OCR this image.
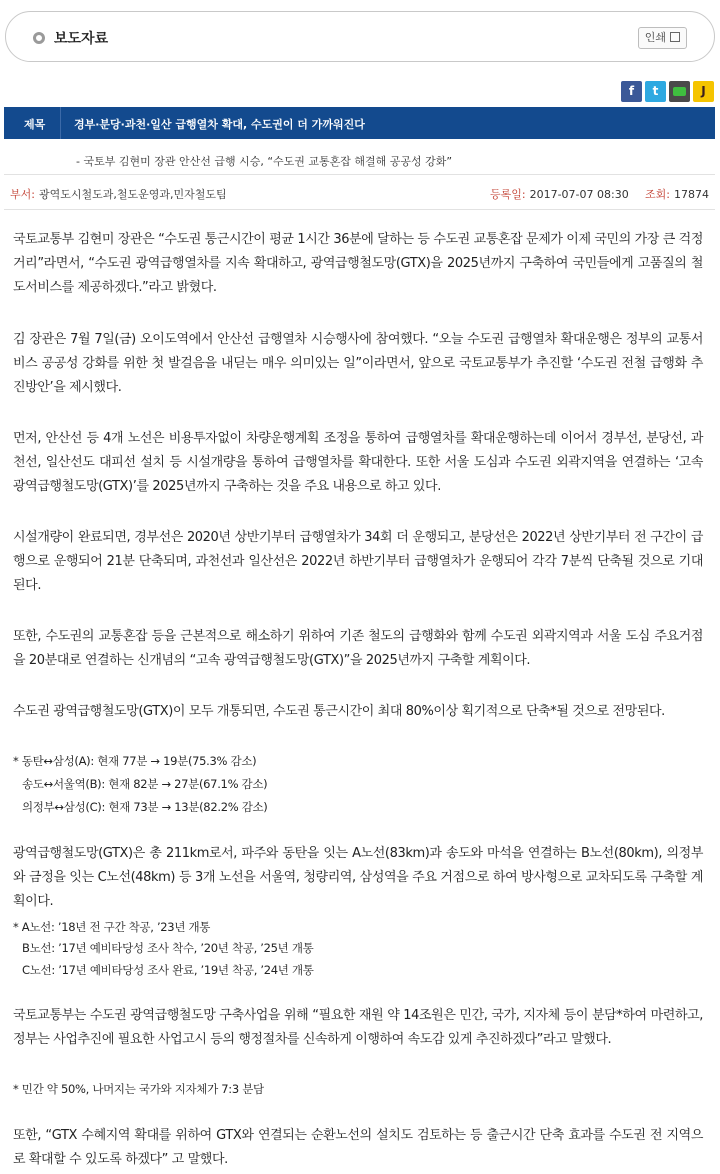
보도자료	인쇄
f	t	J
제목	경부·분당·과천·일산 급행열차 확대, 수도권이 더 가까워진다
- 국토부 김현미 장관 안산선 급행 시승, “수도권 교통혼잡 해결해 공공성 강화”
부서: 광역도시철도과,철도운영과,민자철도팀	등록일: 2017-07-07 08:30 조회: 17874
국토교통부 김현미 장관은 “수도권 통근시간이 평균 1시간 36분에 달하는 등 수도권 교통혼잡 문제가 이제 국민의 가장 큰 걱정거리”라면서, “수도권 광역급행열차를 지속 확대하고, 광역급행철도망(GTX)을 2025년까지 구축하여 국민들에게 고품질의 철도서비스를 제공하겠다.”라고 밝혔다.
김 장관은 7월 7일(금) 오이도역에서 안산선 급행열차 시승행사에 참여했다. “오늘 수도권 급행열차 확대운행은 정부의 교통서비스 공공성 강화를 위한 첫 발걸음을 내딛는 매우 의미있는 일”이라면서, 앞으로 국토교통부가 추진할 ‘수도권 전철 급행화 추진방안’을 제시했다.
먼저, 안산선 등 4개 노선은 비용투자없이 차량운행계획 조정을 통하여 급행열차를 확대운행하는데 이어서 경부선, 분당선, 과천선, 일산선도 대피선 설치 등 시설개량을 통하여 급행열차를 확대한다. 또한 서울 도심과 수도권 외곽지역을 연결하는 ‘고속 광역급행철도망(GTX)’를 2025년까지 구축하는 것을 주요 내용으로 하고 있다.
시설개량이 완료되면, 경부선은 2020년 상반기부터 급행열차가 34회 더 운행되고, 분당선은 2022년 상반기부터 전 구간이 급행으로 운행되어 21분 단축되며, 과천선과 일산선은 2022년 하반기부터 급행열차가 운행되어 각각 7분씩 단축될 것으로 기대된다.
또한, 수도권의 교통혼잡 등을 근본적으로 해소하기 위하여 기존 철도의 급행화와 함께 수도권 외곽지역과 서울 도심 주요거점을 20분대로 연결하는 신개념의 “고속 광역급행철도망(GTX)”을 2025년까지 구축할 계획이다.
수도권 광역급행철도망(GTX)이 모두 개통되면, 수도권 통근시간이 최대 80%이상 획기적으로 단축*될 것으로 전망된다.
* 동탄↔삼성(A): 현재 77분 → 19분(75.3% 감소)
송도↔서울역(B): 현재 82분 → 27분(67.1% 감소)
의정부↔삼성(C): 현재 73분 → 13분(82.2% 감소)
광역급행철도망(GTX)은 총 211km로서, 파주와 동탄을 잇는 A노선(83km)과 송도와 마석을 연결하는 B노선(80km), 의정부와 금정을 잇는 C노선(48km) 등 3개 노선을 서울역, 청량리역, 삼성역을 주요 거점으로 하여 방사형으로 교차되도록 구축할 계획이다.
* A노선: ’18년 전 구간 착공, ’23년 개통
B노선: ’17년 예비타당성 조사 착수, ’20년 착공, ’25년 개통
C노선: ’17년 예비타당성 조사 완료, ’19년 착공, ’24년 개통
국토교통부는 수도권 광역급행철도망 구축사업을 위해 “필요한 재원 약 14조원은 민간, 국가, 지자체 등이 분담*하여 마련하고, 정부는 사업추진에 필요한 사업고시 등의 행정절차를 신속하게 이행하여 속도감 있게 추진하겠다”라고 말했다.
* 민간 약 50%, 나머지는 국가와 지자체가 7:3 분담
또한, “GTX 수혜지역 확대를 위하여 GTX와 연결되는 순환노선의 설치도 검토하는 등 출근시간 단축 효과를 수도권 전 지역으로 확대할 수 있도록 하겠다” 고 말했다.
